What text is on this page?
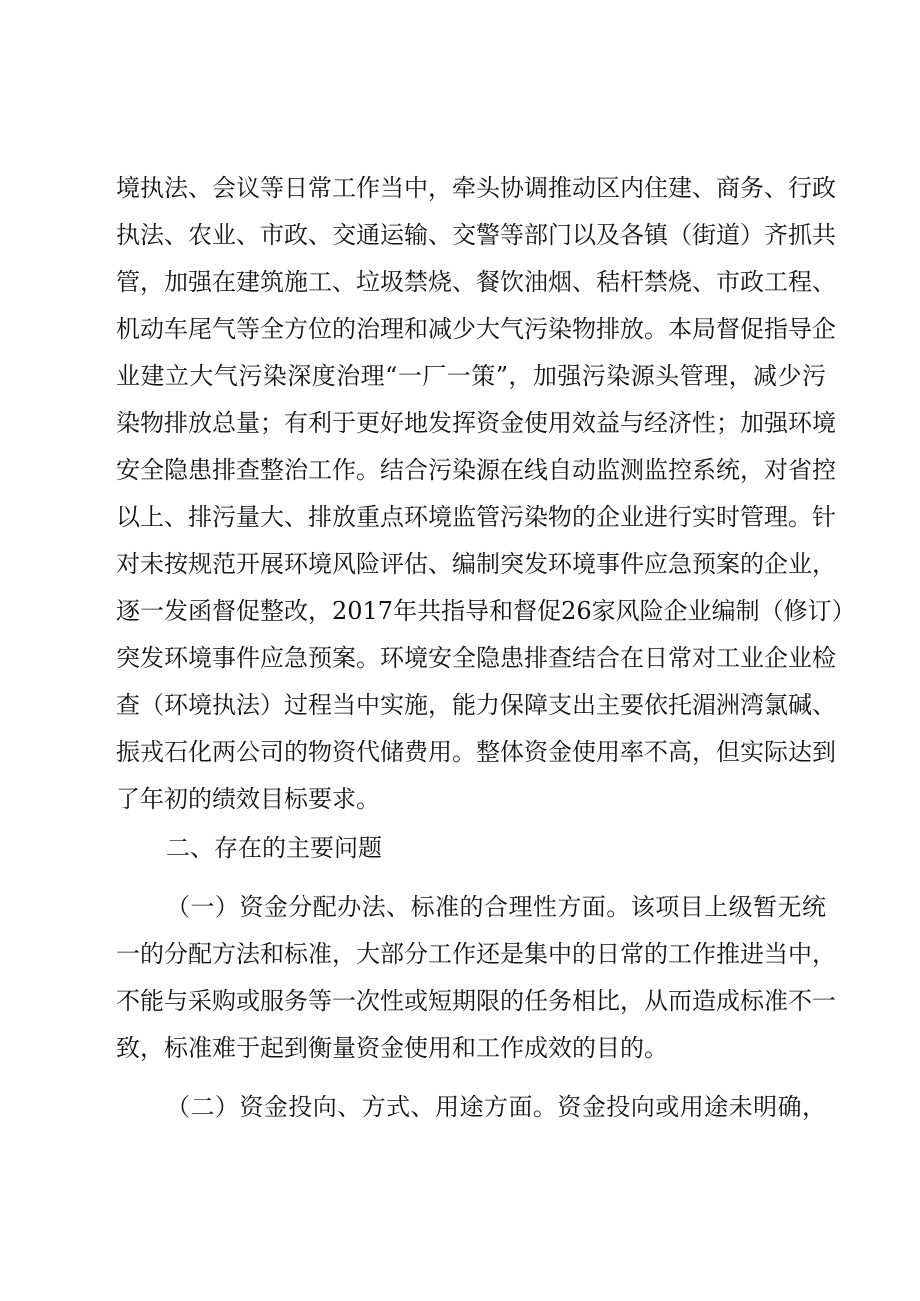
境执法、会议等日常工作当中，牵头协调推动区内住建、商务、行政
执法、农业、市政、交通运输、交警等部门以及各镇（街道）齐抓共
管，加强在建筑施工、垃圾禁烧、餐饮油烟、秸杆禁烧、市政工程、
机动车尾气等全方位的治理和减少大气污染物排放。本局督促指导企
业建立大气污染深度治理“一厂一策”，加强污染源头管理，减少污
染物排放总量；有利于更好地发挥资金使用效益与经济性；加强环境
安全隐患排查整治工作。结合污染源在线自动监测监控系统，对省控
以上、排污量大、排放重点环境监管污染物的企业进行实时管理。针
对未按规范开展环境风险评估、编制突发环境事件应急预案的企业，
逐一发函督促整改，2017年共指导和督促26家风险企业编制（修订）
突发环境事件应急预案。环境安全隐患排查结合在日常对工业企业检
查（环境执法）过程当中实施，能力保障支出主要依托湄洲湾氯碱、
振戎石化两公司的物资代储费用。整体资金使用率不高，但实际达到
了年初的绩效目标要求。
二、存在的主要问题
（一）资金分配办法、标准的合理性方面。该项目上级暂无统
一的分配方法和标准，大部分工作还是集中的日常的工作推进当中，
不能与采购或服务等一次性或短期限的任务相比，从而造成标准不一
致，标准难于起到衡量资金使用和工作成效的目的。
（二）资金投向、方式、用途方面。资金投向或用途未明确，
